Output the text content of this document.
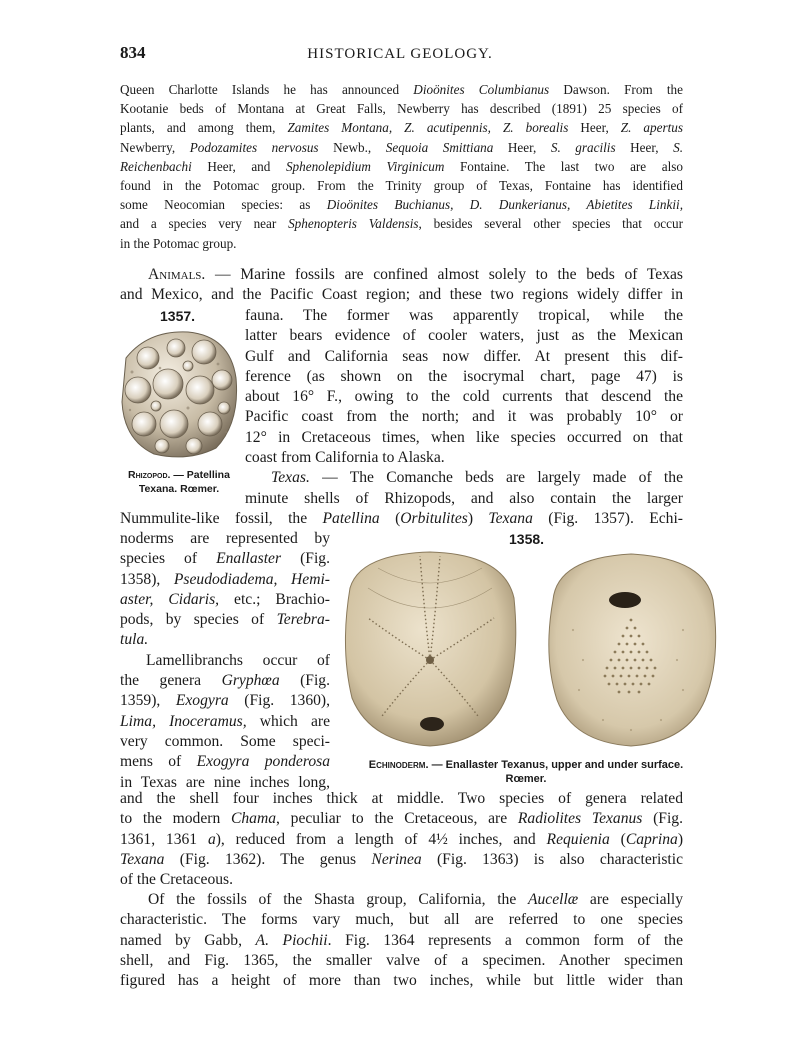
834	HISTORICAL GEOLOGY.
Queen Charlotte Islands he has announced Dioönites Columbianus Dawson. From the
Kootanie beds of Montana at Great Falls, Newberry has described (1891) 25 species of
plants, and among them, Zamites Montana, Z. acutipennis, Z. borealis Heer, Z. apertus
Newberry, Podozamites nervosus Newb., Sequoia Smittiana Heer, S. gracilis Heer, S.
Reichenbachi Heer, and Sphenolepidium Virginicum Fontaine. The last two are also
found in the Potomac group. From the Trinity group of Texas, Fontaine has identified
some Neocomian species: as Dioönites Buchianus, D. Dunkerianus, Abietites Linkii,
and a species very near Sphenopteris Valdensis, besides several other species that occur
in the Potomac group.
Animals. — Marine fossils are confined almost solely to the beds of Texas
and Mexico, and the Pacific Coast region; and these two regions widely differ in
1357.
Rhizopod. — Patellina
Texana. Rœmer.
fauna. The former was apparently tropical, while the
latter bears evidence of cooler waters, just as the Mexican
Gulf and California seas now differ. At present this dif-
ference (as shown on the isocrymal chart, page 47) is
about 16° F., owing to the cold currents that descend the
Pacific coast from the north; and it was probably 10° or
12° in Cretaceous times, when like species occurred on that
coast from California to Alaska.
Texas. — The Comanche beds are largely made of the
minute shells of Rhizopods, and also contain the larger
Nummulite-like fossil, the Patellina (Orbitulites) Texana (Fig. 1357). Echi-
noderms are represented by
species of Enallaster (Fig.
1358), Pseudodiadema, Hemi-
aster, Cidaris, etc.; Brachio-
pods, by species of Terebra-
tula.
Lamellibranchs occur of
the genera Gryphœa (Fig.
1359), Exogyra (Fig. 1360),
Lima, Inoceramus, which are
very common. Some speci-
mens of Exogyra ponderosa
in Texas are nine inches long,
1358.
Echinoderm. — Enallaster Texanus, upper and under surface.
Rœmer.
and the shell four inches thick at middle. Two species of genera related
to the modern Chama, peculiar to the Cretaceous, are Radiolites Texanus (Fig.
1361, 1361 a), reduced from a length of 4½ inches, and Requienia (Caprina)
Texana (Fig. 1362). The genus Nerinea (Fig. 1363) is also characteristic
of the Cretaceous.
Of the fossils of the Shasta group, California, the Aucellæ are especially
characteristic. The forms vary much, but all are referred to one species
named by Gabb, A. Piochii. Fig. 1364 represents a common form of the
shell, and Fig. 1365, the smaller valve of a specimen. Another specimen
figured has a height of more than two inches, while but little wider than
